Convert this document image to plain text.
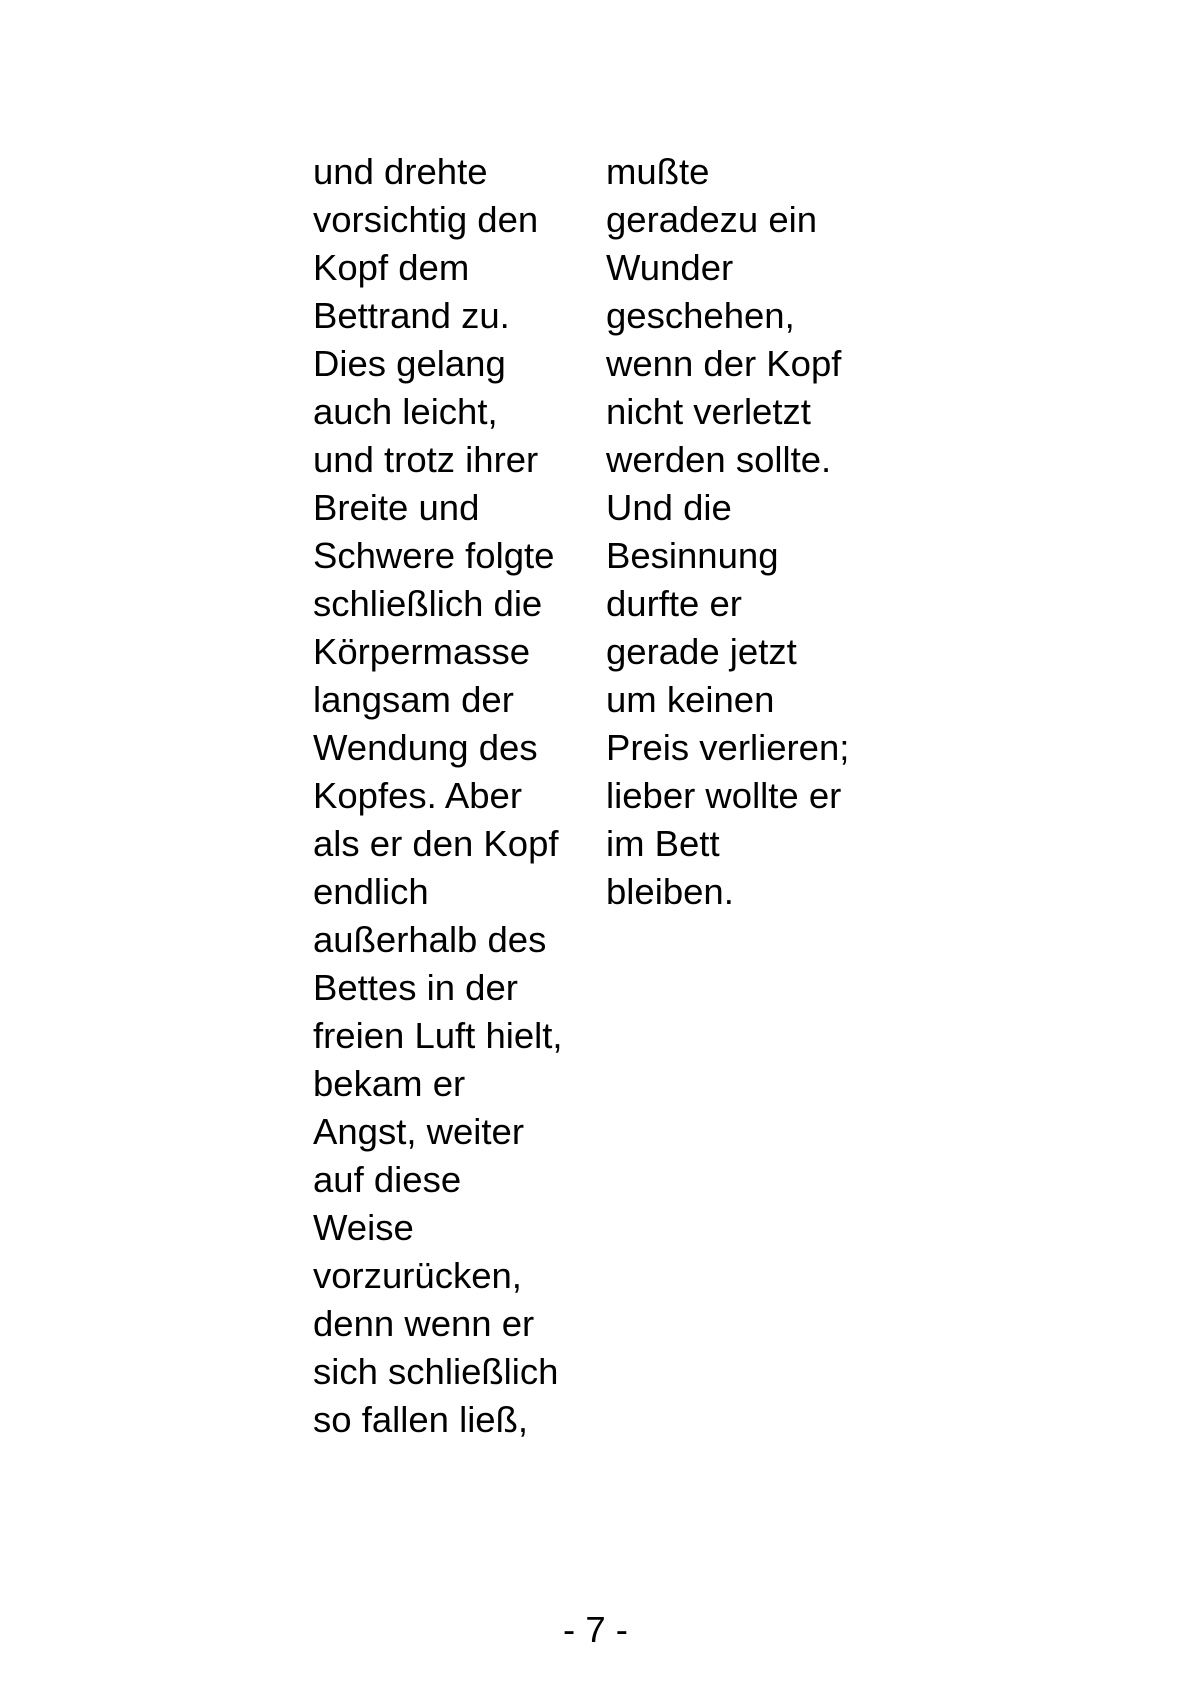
und drehte
vorsichtig den
Kopf dem
Bettrand zu.
Dies gelang
auch leicht,
und trotz ihrer
Breite und
Schwere folgte
schließlich die
Körpermasse
langsam der
Wendung des
Kopfes. Aber
als er den Kopf
endlich
außerhalb des
Bettes in der
freien Luft hielt,
bekam er
Angst, weiter
auf diese
Weise
vorzurücken,
denn wenn er
sich schließlich
so fallen ließ,
mußte
geradezu ein
Wunder
geschehen,
wenn der Kopf
nicht verletzt
werden sollte.
Und die
Besinnung
durfte er
gerade jetzt
um keinen
Preis verlieren;
lieber wollte er
im Bett
bleiben.
- 7 -
